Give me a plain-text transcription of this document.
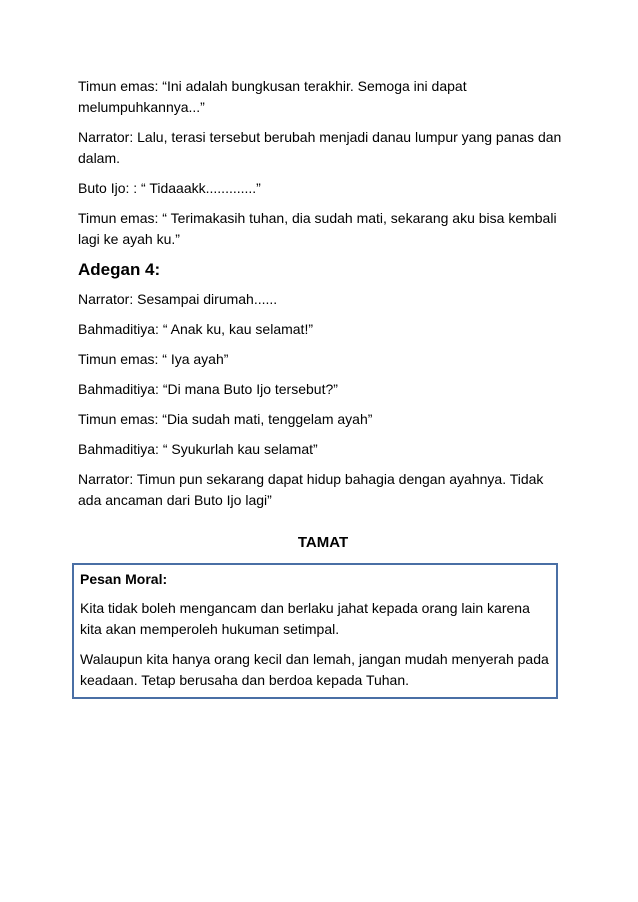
Timun emas: “Ini adalah bungkusan terakhir. Semoga ini dapat melumpuhkannya...”

Narrator: Lalu, terasi tersebut berubah menjadi danau lumpur yang panas dan dalam.

Buto Ijo: : “ Tidaaakk.............”

Timun emas: “ Terimakasih tuhan, dia sudah mati, sekarang aku bisa kembali lagi ke ayah ku.”

Adegan 4:

Narrator: Sesampai dirumah......

Bahmaditiya: “ Anak ku, kau selamat!”

Timun emas: “ Iya ayah”

Bahmaditiya: “Di mana Buto Ijo tersebut?”

Timun emas: “Dia sudah mati, tenggelam ayah”

Bahmaditiya: “ Syukurlah kau selamat”

Narrator: Timun pun sekarang dapat hidup bahagia dengan ayahnya. Tidak ada ancaman dari Buto Ijo lagi”

TAMAT
Pesan Moral:

Kita tidak boleh mengancam dan berlaku jahat kepada orang lain karena kita akan memperoleh hukuman setimpal.

Walaupun kita hanya orang kecil dan lemah, jangan mudah menyerah pada keadaan. Tetap berusaha dan berdoa kepada Tuhan.
